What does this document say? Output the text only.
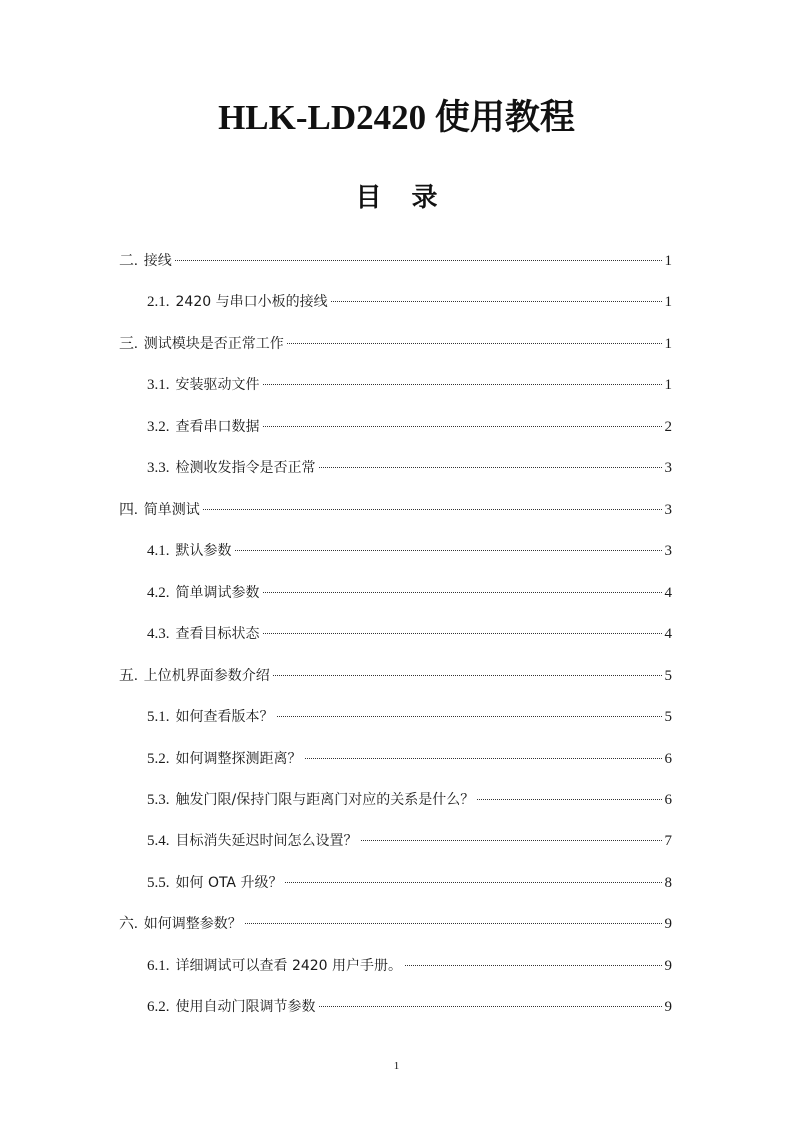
HLK-LD2420 使用教程
目 录
二. 接线	1
2.1. 2420 与串口小板的接线	1
三. 测试模块是否正常工作	1
3.1. 安装驱动文件	1
3.2. 查看串口数据	2
3.3. 检测收发指令是否正常	3
四. 简单测试	3
4.1. 默认参数	3
4.2. 简单调试参数	4
4.3. 查看目标状态	4
五. 上位机界面参数介绍	5
5.1. 如何查看版本？	5
5.2. 如何调整探测距离？	6
5.3. 触发门限/保持门限与距离门对应的关系是什么？	6
5.4. 目标消失延迟时间怎么设置？	7
5.5. 如何 OTA 升级？	8
六. 如何调整参数？	9
6.1. 详细调试可以查看 2420 用户手册。	9
6.2. 使用自动门限调节参数	9
1
